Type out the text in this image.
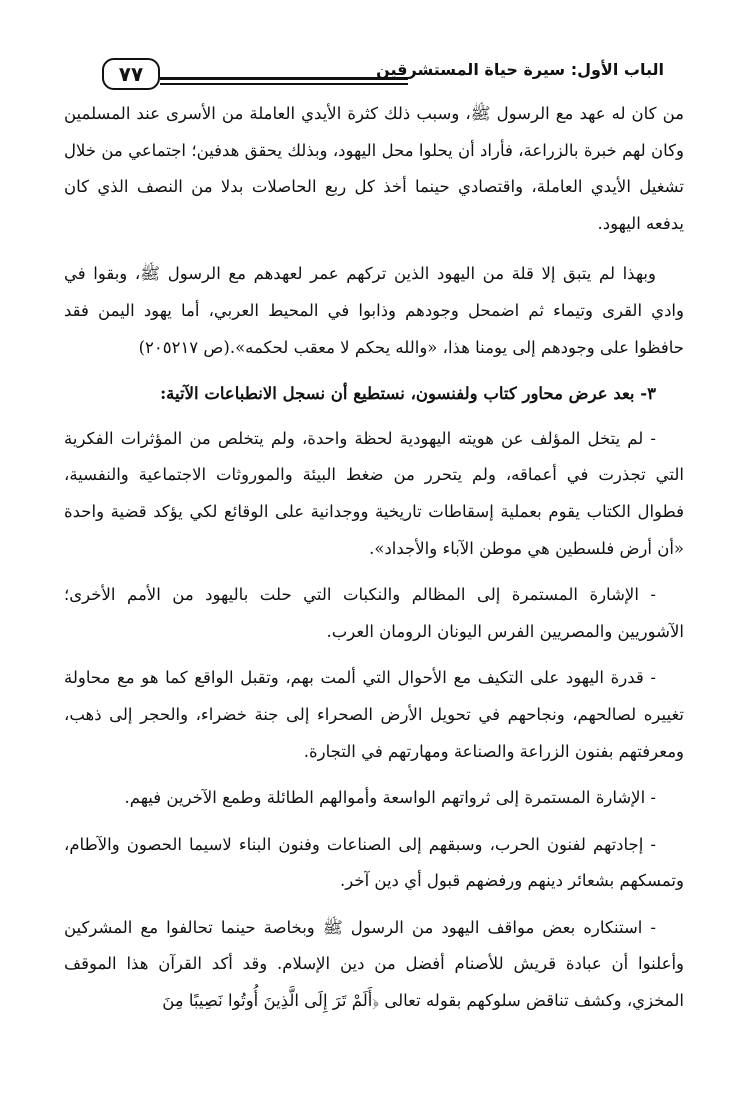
٧٧	الباب الأول: سيرة حياة المستشرقين

من كان له عهد مع الرسول ﷺ، وسبب ذلك كثرة الأيدي العاملة من الأسرى عند المسلمين وكان لهم خبرة بالزراعة، فأراد أن يحلوا محل اليهود، وبذلك يحقق هدفين؛ اجتماعي من خلال تشغيل الأيدي العاملة، واقتصادي حينما أخذ كل ربع الحاصلات بدلا من النصف الذي كان يدفعه اليهود.

وبهذا لم يتبق إلا قلة من اليهود الذين تركهم عمر لعهدهم مع الرسول ﷺ، وبقوا في وادي القرى وتيماء ثم اضمحل وجودهم وذابوا في المحيط العربي، أما يهود اليمن فقد حافظوا على وجودهم إلى يومنا هذا، «والله يحكم لا معقب لحكمه».(ص ٢٠٥٢١٧)

٣- بعد عرض محاور كتاب ولفنسون، نستطيع أن نسجل الانطباعات الآتية:

- لم يتخل المؤلف عن هويته اليهودية لحظة واحدة، ولم يتخلص من المؤثرات الفكرية التي تجذرت في أعماقه، ولم يتحرر من ضغط البيئة والموروثات الاجتماعية والنفسية، فطوال الكتاب يقوم بعملية إسقاطات تاريخية ووجدانية على الوقائع لكي يؤكد قضية واحدة «أن أرض فلسطين هي موطن الآباء والأجداد».

- الإشارة المستمرة إلى المظالم والنكبات التي حلت باليهود من الأمم الأخرى؛ الآشوريين والمصريين الفرس اليونان الرومان العرب.

- قدرة اليهود على التكيف مع الأحوال التي ألمت بهم، وتقبل الواقع كما هو مع محاولة تغييره لصالحهم، ونجاحهم في تحويل الأرض الصحراء إلى جنة خضراء، والحجر إلى ذهب، ومعرفتهم بفنون الزراعة والصناعة ومهارتهم في التجارة.

- الإشارة المستمرة إلى ثرواتهم الواسعة وأموالهم الطائلة وطمع الآخرين فيهم.

- إجادتهم لفنون الحرب، وسبقهم إلى الصناعات وفنون البناء لاسيما الحصون والآطام، وتمسكهم بشعائر دينهم ورفضهم قبول أي دين آخر.

- استنكاره بعض مواقف اليهود من الرسول ﷺ وبخاصة حينما تحالفوا مع المشركين وأعلنوا أن عبادة قريش للأصنام أفضل من دين الإسلام. وقد أكد القرآن هذا الموقف المخزي، وكشف تناقض سلوكهم بقوله تعالى ﴿أَلَمْ تَرَ إِلَى الَّذِينَ أُوتُوا نَصِيبًا مِنَ
